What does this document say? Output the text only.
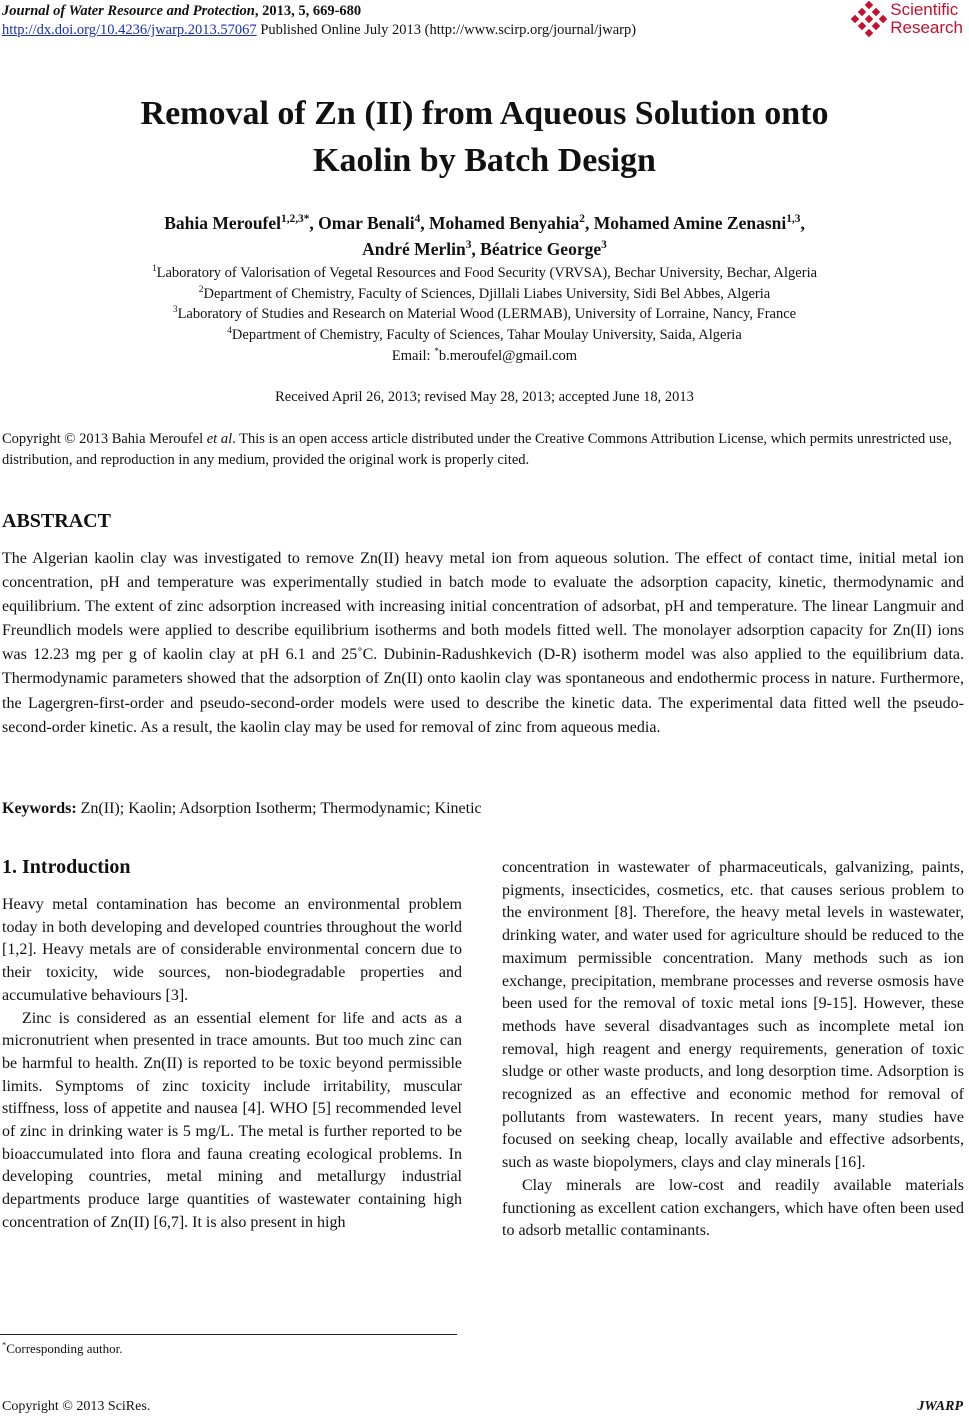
Journal of Water Resource and Protection, 2013, 5, 669-680
http://dx.doi.org/10.4236/jwarp.2013.57067 Published Online July 2013 (http://www.scirp.org/journal/jwarp)
Scientific
Research
Removal of Zn (II) from Aqueous Solution onto
Kaolin by Batch Design
Bahia Meroufel$^{1,2,3*}$, Omar Benali$^4$, Mohamed Benyahia$^2$, Mohamed Amine Zenasni$^{1,3}$,
André Merlin$^3$, Béatrice George$^3$
$^1$Laboratory of Valorisation of Vegetal Resources and Food Security (VRVSA), Bechar University, Bechar, Algeria
$^2$Department of Chemistry, Faculty of Sciences, Djillali Liabes University, Sidi Bel Abbes, Algeria
$^3$Laboratory of Studies and Research on Material Wood (LERMAB), University of Lorraine, Nancy, France
$^4$Department of Chemistry, Faculty of Sciences, Tahar Moulay University, Saida, Algeria
Email: *b.meroufel@gmail.com
Received April 26, 2013; revised May 28, 2013; accepted June 18, 2013
Copyright © 2013 Bahia Meroufel et al. This is an open access article distributed under the Creative Commons Attribution License, which permits unrestricted use, distribution, and reproduction in any medium, provided the original work is properly cited.
ABSTRACT
The Algerian kaolin clay was investigated to remove Zn(II) heavy metal ion from aqueous solution. The effect of contact time, initial metal ion concentration, pH and temperature was experimentally studied in batch mode to evaluate the adsorption capacity, kinetic, thermodynamic and equilibrium. The extent of zinc adsorption increased with increasing initial concentration of adsorbat, pH and temperature. The linear Langmuir and Freundlich models were applied to describe equilibrium isotherms and both models fitted well. The monolayer adsorption capacity for Zn(II) ions was 12.23 mg per g of kaolin clay at pH 6.1 and 25˚C. Dubinin-Radushkevich (D-R) isotherm model was also applied to the equilibrium data. Thermodynamic parameters showed that the adsorption of Zn(II) onto kaolin clay was spontaneous and endothermic process in nature. Furthermore, the Lagergren-first-order and pseudo-second-order models were used to describe the kinetic data. The experimental data fitted well the pseudo-second-order kinetic. As a result, the kaolin clay may be used for removal of zinc from aqueous media.
Keywords: Zn(II); Kaolin; Adsorption Isotherm; Thermodynamic; Kinetic
1. Introduction

Heavy metal contamination has become an environmental problem today in both developing and developed countries throughout the world [1,2]. Heavy metals are of considerable environmental concern due to their toxicity, wide sources, non-biodegradable properties and accumulative behaviours [3].

Zinc is considered as an essential element for life and acts as a micronutrient when presented in trace amounts. But too much zinc can be harmful to health. Zn(II) is reported to be toxic beyond permissible limits. Symptoms of zinc toxicity include irritability, muscular stiffness, loss of appetite and nausea [4]. WHO [5] recommended level of zinc in drinking water is 5 mg/L. The metal is further reported to be bioaccumulated into flora and fauna creating ecological problems. In developing countries, metal mining and metallurgy industrial departments produce large quantities of wastewater containing high concentration of Zn(II) [6,7]. It is also present in high

concentration in wastewater of pharmaceuticals, galvanizing, paints, pigments, insecticides, cosmetics, etc. that causes serious problem to the environment [8]. Therefore, the heavy metal levels in wastewater, drinking water, and water used for agriculture should be reduced to the maximum permissible concentration. Many methods such as ion exchange, precipitation, membrane processes and reverse osmosis have been used for the removal of toxic metal ions [9-15]. However, these methods have several disadvantages such as incomplete metal ion removal, high reagent and energy requirements, generation of toxic sludge or other waste products, and long desorption time. Adsorption is recognized as an effective and economic method for removal of pollutants from wastewaters. In recent years, many studies have focused on seeking cheap, locally available and effective adsorbents, such as waste biopolymers, clays and clay minerals [16].

Clay minerals are low-cost and readily available materials functioning as excellent cation exchangers, which have often been used to adsorb metallic contaminants.

*Corresponding author.
Copyright © 2013 SciRes.	JWARP
